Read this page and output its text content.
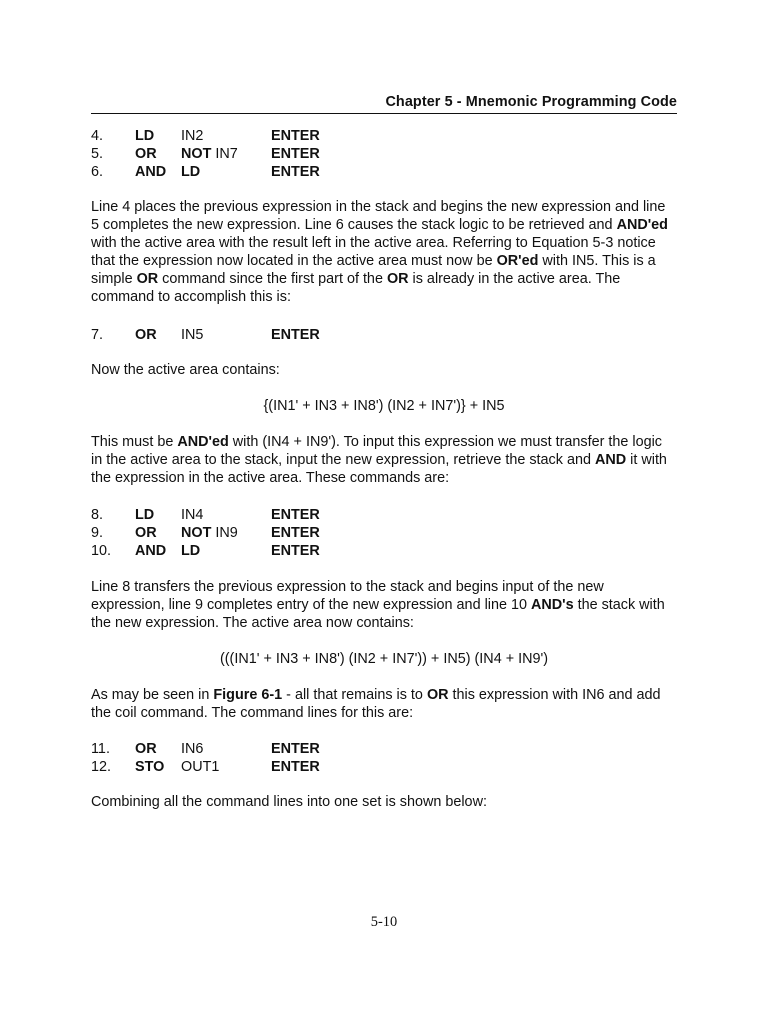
Chapter 5 - Mnemonic Programming Code
4. LD IN2	ENTER
5. OR NOT IN7 ENTER
6. AND LD	ENTER

Line 4 places the previous expression in the stack and begins the new expression and line
5 completes the new expression. Line 6 causes the stack logic to be retrieved and AND'ed
with the active area with the result left in the active area. Referring to Equation 5-3 notice
that the expression now located in the active area must now be OR'ed with IN5. This is a
simple OR command since the first part of the OR is already in the active area. The
command to accomplish this is:

7. OR IN5	ENTER

Now the active area contains:

{(IN1' + IN3 + IN8') (IN2 + IN7')} + IN5

This must be AND'ed with (IN4 + IN9'). To input this expression we must transfer the logic
in the active area to the stack, input the new expression, retrieve the stack and AND it with
the expression in the active area. These commands are:

8. LD IN4	ENTER
9. OR NOT IN9 ENTER
10. AND LD	ENTER

Line 8 transfers the previous expression to the stack and begins input of the new
expression, line 9 completes entry of the new expression and line 10 AND's the stack with
the new expression. The active area now contains:

(((IN1' + IN3 + IN8') (IN2 + IN7')) + IN5) (IN4 + IN9')

As may be seen in Figure 6-1 - all that remains is to OR this expression with IN6 and add
the coil command. The command lines for this are:

11. OR IN6	ENTER
12. STO OUT1	ENTER

Combining all the command lines into one set is shown below:

5-10
